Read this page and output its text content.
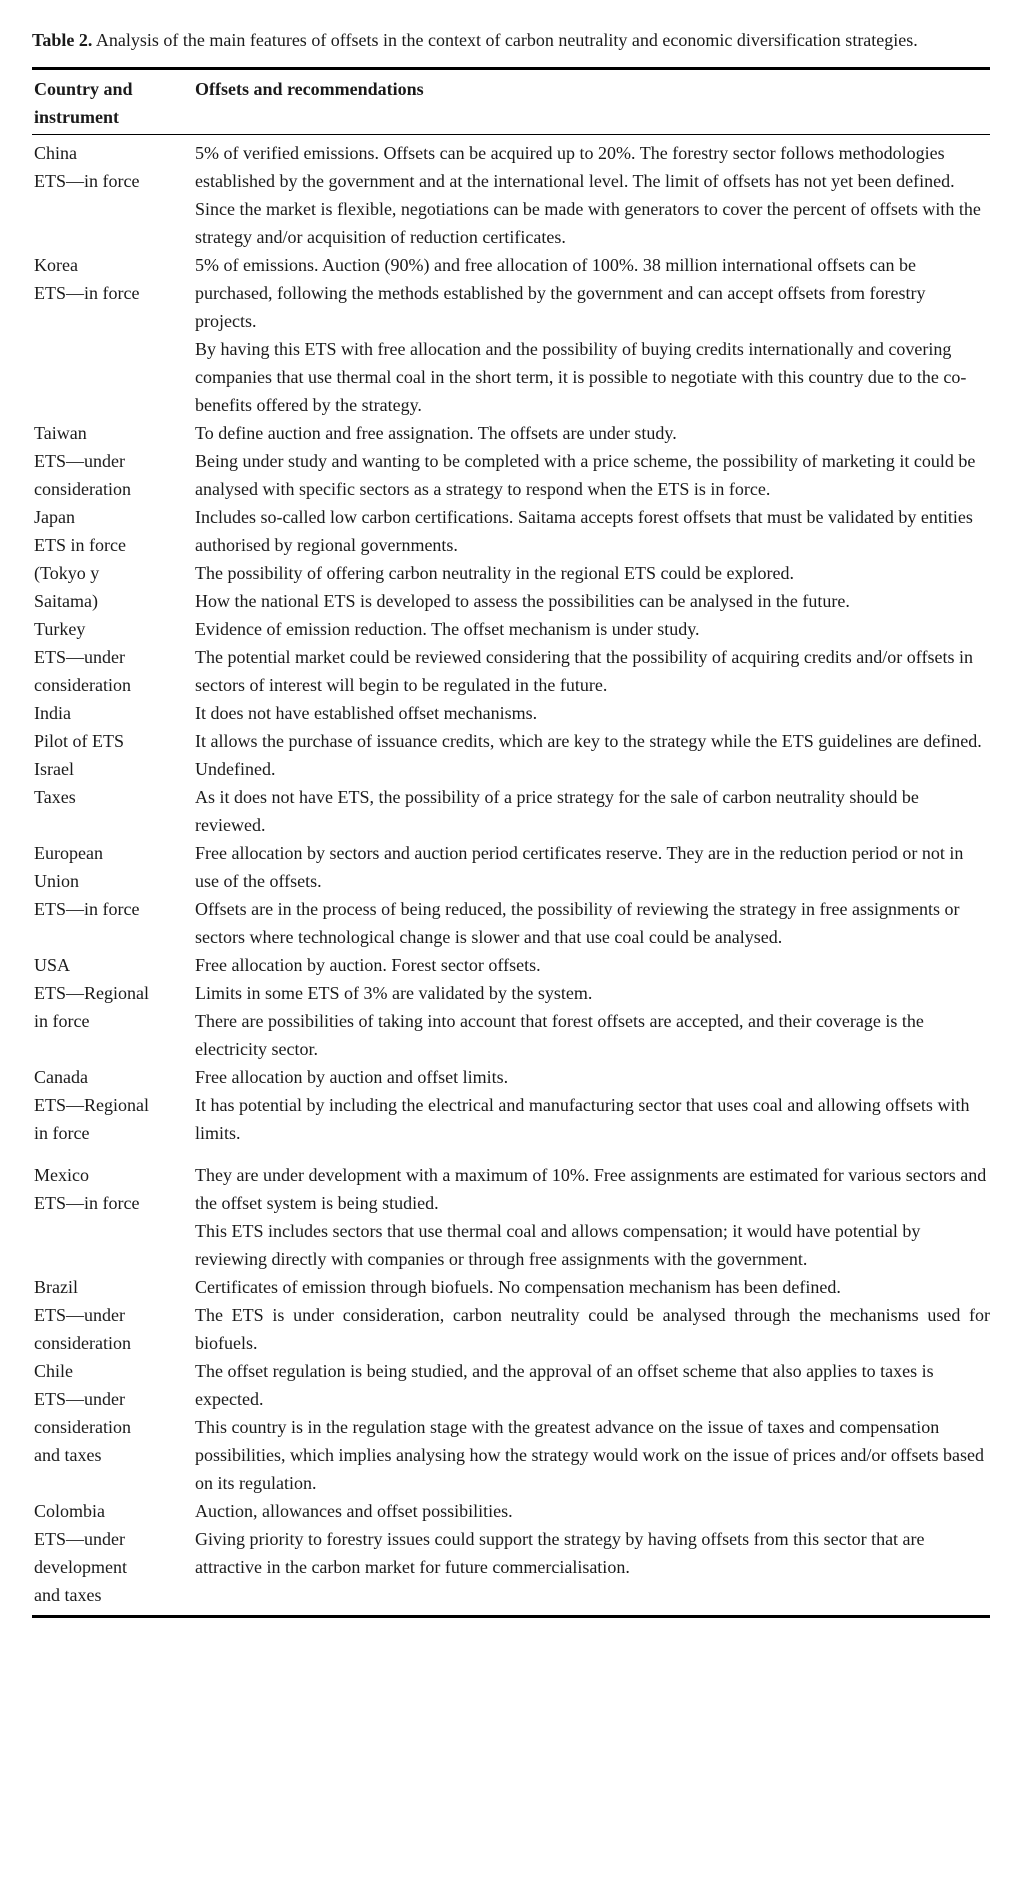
Table 2. Analysis of the main features of offsets in the context of carbon neutrality and economic diversification strategies.

Country and instrument
Offsets and recommendations
China
ETS—in force
5% of verified emissions. Offsets can be acquired up to 20%. The forestry sector follows methodologies established by the government and at the international level. The limit of offsets has not yet been defined.
Since the market is flexible, negotiations can be made with generators to cover the percent of offsets with the strategy and/or acquisition of reduction certificates.
Korea
ETS—in force
5% of emissions. Auction (90%) and free allocation of 100%. 38 million international offsets can be purchased, following the methods established by the government and can accept offsets from forestry projects.
By having this ETS with free allocation and the possibility of buying credits internationally and covering companies that use thermal coal in the short term, it is possible to negotiate with this country due to the co-benefits offered by the strategy.
Taiwan
ETS—under
consideration
To define auction and free assignation. The offsets are under study.
Being under study and wanting to be completed with a price scheme, the possibility of marketing it could be analysed with specific sectors as a strategy to respond when the ETS is in force.
Japan
ETS in force
(Tokyo y
Saitama)
Includes so-called low carbon certifications. Saitama accepts forest offsets that must be validated by entities authorised by regional governments.
The possibility of offering carbon neutrality in the regional ETS could be explored.
How the national ETS is developed to assess the possibilities can be analysed in the future.
Turkey
ETS—under
consideration
Evidence of emission reduction. The offset mechanism is under study.
The potential market could be reviewed considering that the possibility of acquiring credits and/or offsets in sectors of interest will begin to be regulated in the future.
India
Pilot of ETS
It does not have established offset mechanisms.
It allows the purchase of issuance credits, which are key to the strategy while the ETS guidelines are defined.
Israel
Taxes
Undefined.
As it does not have ETS, the possibility of a price strategy for the sale of carbon neutrality should be reviewed.
European
Union
ETS—in force
Free allocation by sectors and auction period certificates reserve. They are in the reduction period or not in use of the offsets.
Offsets are in the process of being reduced, the possibility of reviewing the strategy in free assignments or sectors where technological change is slower and that use coal could be analysed.
USA
ETS—Regional
in force
Free allocation by auction. Forest sector offsets.
Limits in some ETS of 3% are validated by the system.
There are possibilities of taking into account that forest offsets are accepted, and their coverage is the electricity sector.
Canada
ETS—Regional
in force
Free allocation by auction and offset limits.
It has potential by including the electrical and manufacturing sector that uses coal and allowing offsets with limits.
Mexico
ETS—in force
They are under development with a maximum of 10%. Free assignments are estimated for various sectors and the offset system is being studied.
This ETS includes sectors that use thermal coal and allows compensation; it would have potential by reviewing directly with companies or through free assignments with the government.
Brazil
ETS—under
consideration
Certificates of emission through biofuels. No compensation mechanism has been defined.
The ETS is under consideration, carbon neutrality could be analysed through the mechanisms used for biofuels.
Chile
ETS—under
consideration
and taxes
The offset regulation is being studied, and the approval of an offset scheme that also applies to taxes is expected.
This country is in the regulation stage with the greatest advance on the issue of taxes and compensation possibilities, which implies analysing how the strategy would work on the issue of prices and/or offsets based on its regulation.
Colombia
ETS—under
development
and taxes
Auction, allowances and offset possibilities.
Giving priority to forestry issues could support the strategy by having offsets from this sector that are attractive in the carbon market for future commercialisation.
